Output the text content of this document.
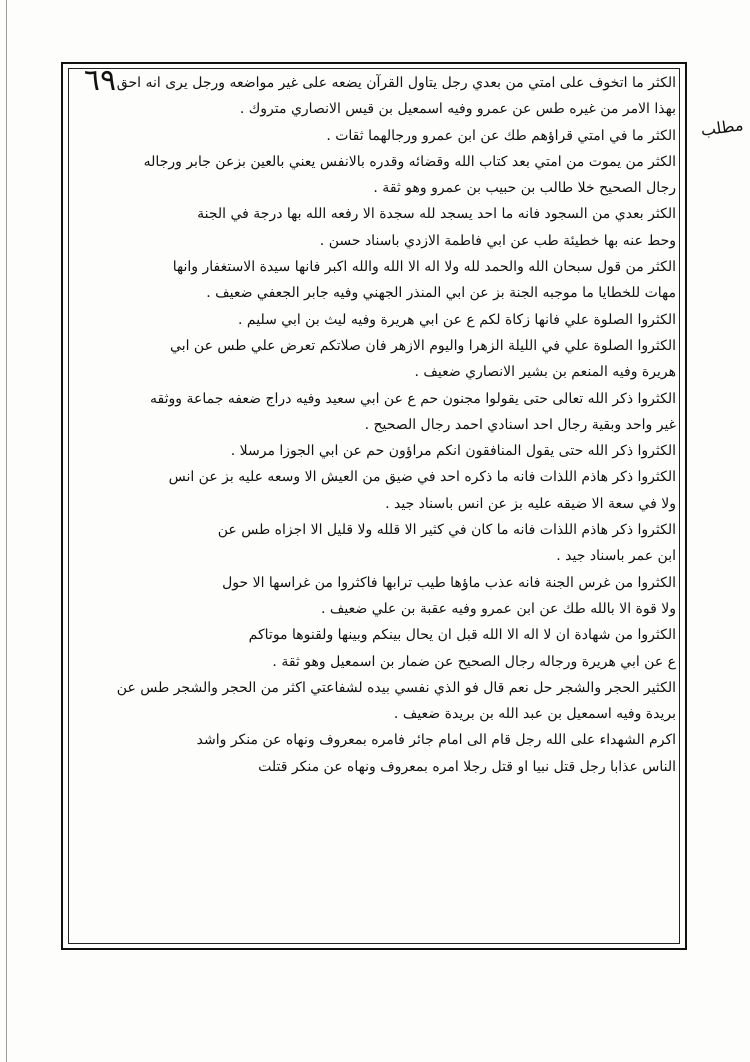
٦٩
مطلب
الكثر ما اتخوف على امتي من بعدي رجل يتاول القرآن يضعه على غير مواضعه ورجل يرى انه احق
بهذا الامر من غيره طس عن عمرو وفيه اسمعيل بن قيس الانصاري متروك .
الكثر ما في امتي قراؤهم طك عن ابن عمرو ورجالهما ثقات .
الكثر من يموت من امتي بعد كتاب الله وقضائه وقدره بالانفس يعني بالعين بزعن جابر ورجاله
رجال الصحيح خلا طالب بن حبيب بن عمرو وهو ثقة .
الكثر بعدي من السجود فانه ما احد يسجد لله سجدة الا رفعه الله بها درجة في الجنة
وحط عنه بها خطيئة طب عن ابي فاطمة الازدي باسناد حسن .
الكثر من قول سبحان الله والحمد لله ولا اله الا الله والله اكبر فانها سيدة الاستغفار وانها
مهات للخطايا ما موجبه الجنة بز عن ابي المنذر الجهني وفيه جابر الجعفي ضعيف .
الكثروا الصلوة علي فانها زكاة لكم ع عن ابي هريرة وفيه ليث بن ابي سليم .
الكثروا الصلوة علي في الليلة الزهرا واليوم الازهر فان صلاتكم تعرض علي طس عن ابي
هريرة وفيه المنعم بن بشير الانصاري ضعيف .
الكثروا ذكر الله تعالى حتى يقولوا مجنون حم ع عن ابي سعيد وفيه دراج ضعفه جماعة ووثقه
غير واحد وبقية رجال احد اسنادي احمد رجال الصحيح .
الكثروا ذكر الله حتى يقول المنافقون انكم مراؤون حم عن ابي الجوزا مرسلا .
الكثروا ذكر هاذم اللذات فانه ما ذكره احد في ضيق من العيش الا وسعه عليه بز عن انس
ولا في سعة الا ضيقه عليه بز عن انس باسناد جيد .
الكثروا ذكر هاذم اللذات فانه ما كان في كثير الا قلله ولا قليل الا اجزاه طس عن
ابن عمر باسناد جيد .
الكثروا من غرس الجنة فانه عذب ماؤها طيب ترابها فاكثروا من غراسها الا حول
ولا قوة الا بالله طك عن ابن عمرو وفيه عقبة بن علي ضعيف .
الكثروا من شهادة ان لا اله الا الله قبل ان يحال بينكم وبينها ولقنوها موتاكم
ع عن ابي هريرة ورجاله رجال الصحيح عن ضمار بن اسمعيل وهو ثقة .
الكثير الحجر والشجر حل نعم قال فو الذي نفسي بيده لشفاعتي اكثر من الحجر والشجر طس عن
بريدة وفيه اسمعيل بن عبد الله بن بريدة ضعيف .
اكرم الشهداء على الله رجل قام الى امام جائر فامره بمعروف ونهاه عن منكر واشد
الناس عذابا رجل قتل نبيا او قتل رجلا امره بمعروف ونهاه عن منكر قتلت
